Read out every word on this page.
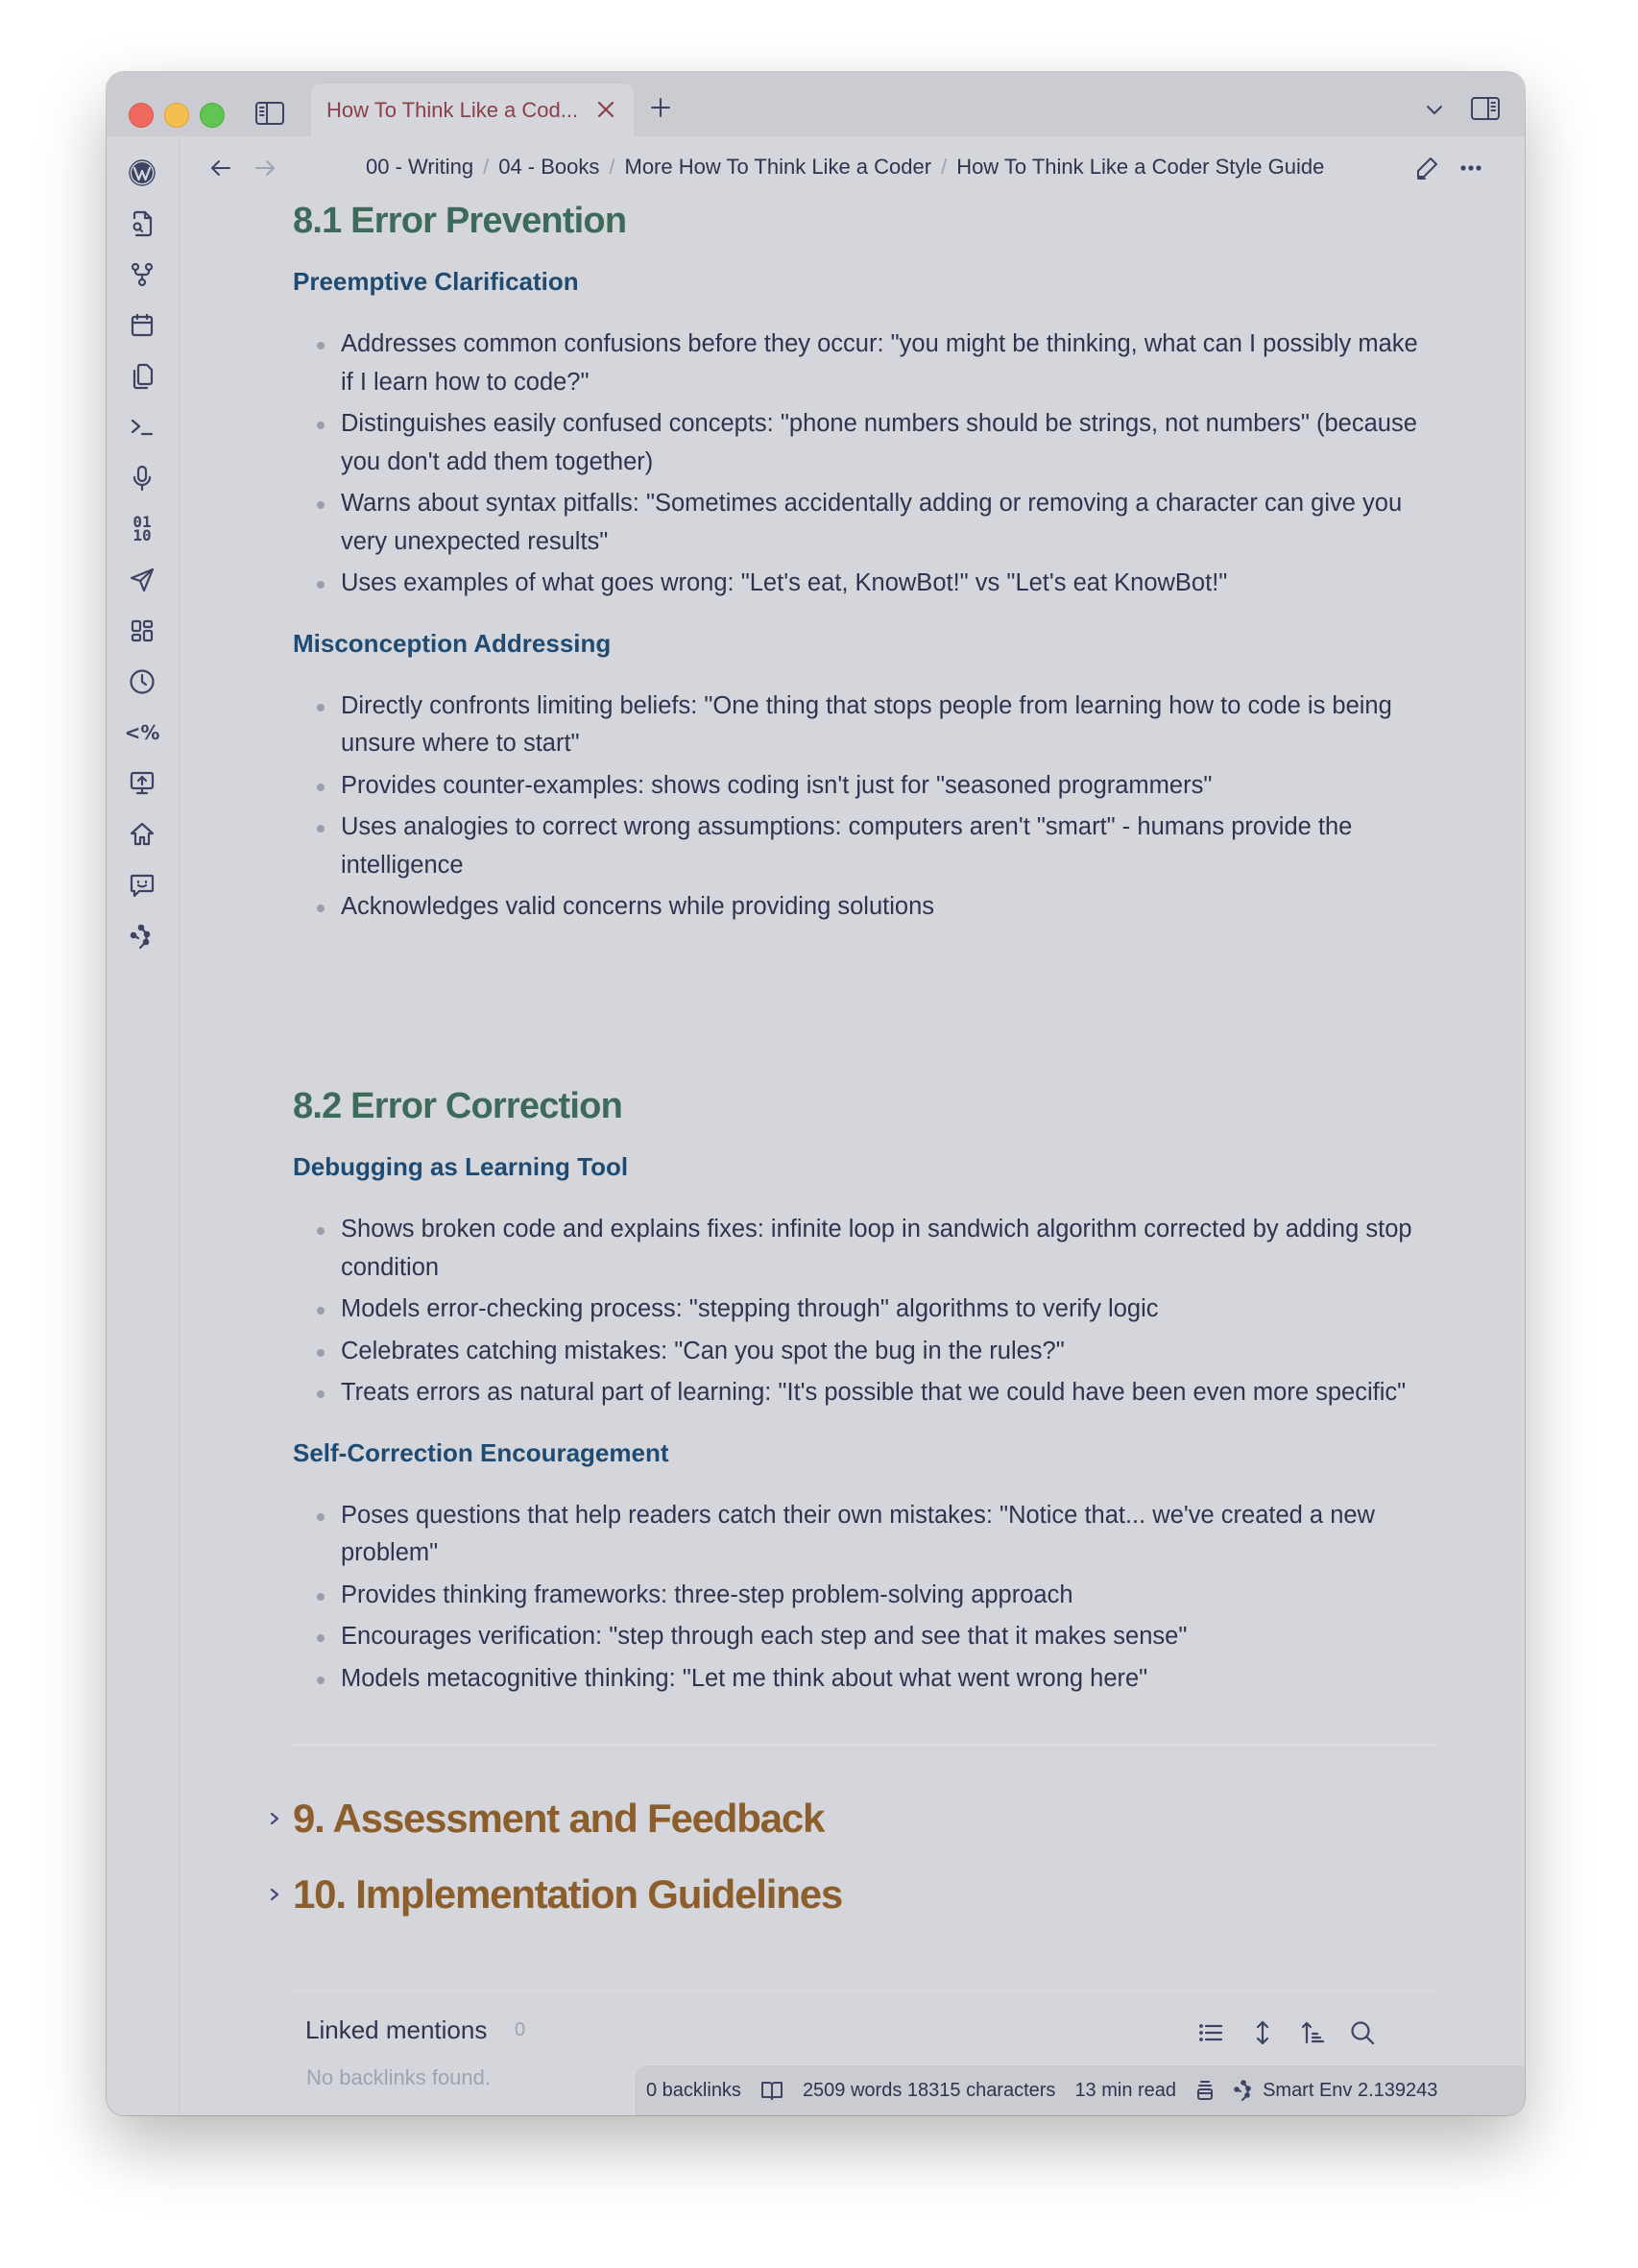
How To Think Like a Cod...
01
10
<%
00 - Writing / 04 - Books / More How To Think Like a Coder / How To Think Like a Coder Style Guide
8.1 Error Prevention
Preemptive Clarification
Addresses common confusions before they occur: "you might be thinking, what can I possibly make if I learn how to code?"
Distinguishes easily confused concepts: "phone numbers should be strings, not numbers" (because you don't add them together)
Warns about syntax pitfalls: "Sometimes accidentally adding or removing a character can give you very unexpected results"
Uses examples of what goes wrong: "Let's eat, KnowBot!" vs "Let's eat KnowBot!"
Misconception Addressing
Directly confronts limiting beliefs: "One thing that stops people from learning how to code is being unsure where to start"
Provides counter-examples: shows coding isn't just for "seasoned programmers"
Uses analogies to correct wrong assumptions: computers aren't "smart" - humans provide the intelligence
Acknowledges valid concerns while providing solutions
8.2 Error Correction
Debugging as Learning Tool
Shows broken code and explains fixes: infinite loop in sandwich algorithm corrected by adding stop condition
Models error-checking process: "stepping through" algorithms to verify logic
Celebrates catching mistakes: "Can you spot the bug in the rules?"
Treats errors as natural part of learning: "It's possible that we could have been even more specific"
Self-Correction Encouragement
Poses questions that help readers catch their own mistakes: "Notice that... we've created a new problem"
Provides thinking frameworks: three-step problem-solving approach
Encourages verification: "step through each step and see that it makes sense"
Models metacognitive thinking: "Let me think about what went wrong here"
9. Assessment and Feedback
10. Implementation Guidelines
Linked mentions 0
No backlinks found.
0 backlinks	2509 words 18315 characters 13 min read	Smart Env 2.139243
